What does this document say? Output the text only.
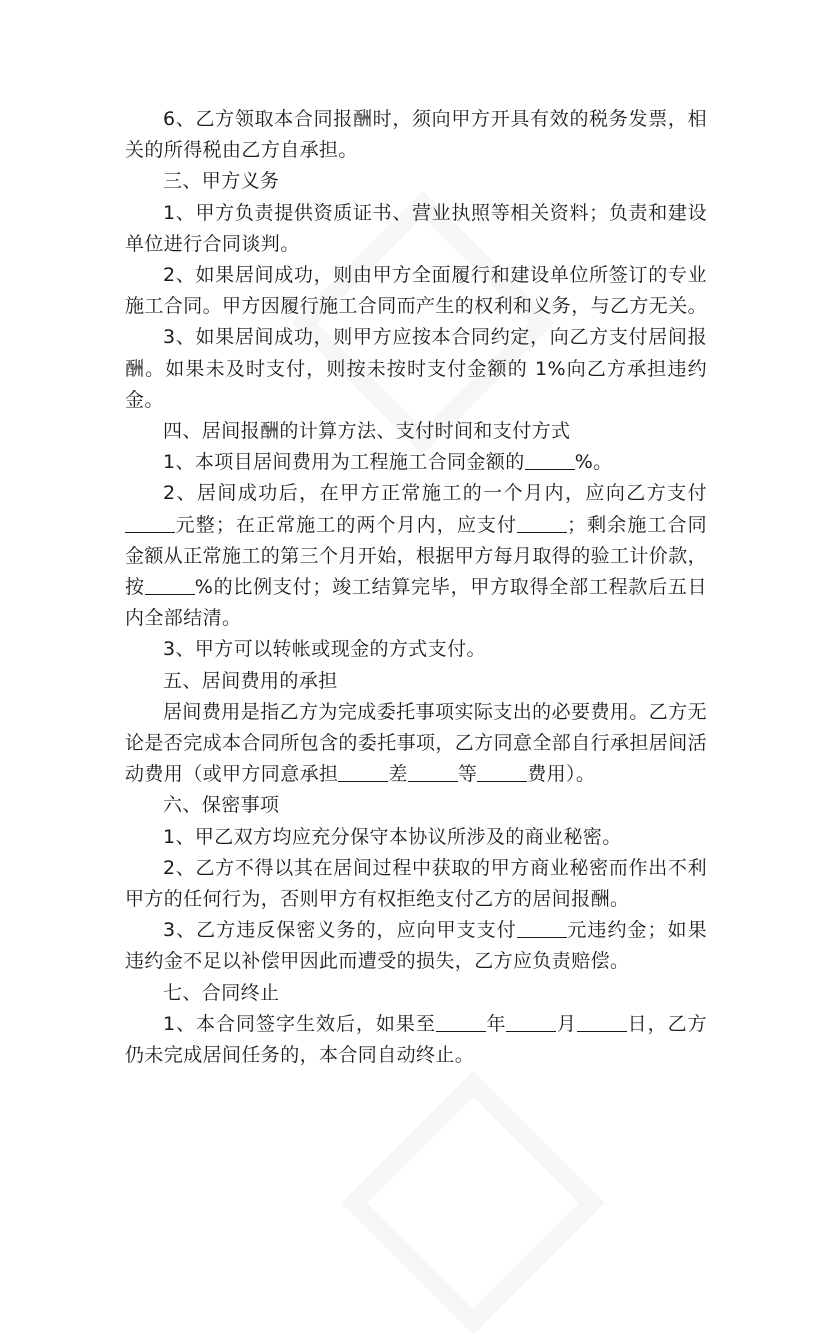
6、乙方领取本合同报酬时，须向甲方开具有效的税务发票，相关的所得税由乙方自承担。

三、甲方义务

1、甲方负责提供资质证书、营业执照等相关资料；负责和建设单位进行合同谈判。

2、如果居间成功，则由甲方全面履行和建设单位所签订的专业施工合同。甲方因履行施工合同而产生的权利和义务，与乙方无关。

3、如果居间成功，则甲方应按本合同约定，向乙方支付居间报酬。如果未及时支付，则按未按时支付金额的 1%向乙方承担违约金。

四、居间报酬的计算方法、支付时间和支付方式

1、本项目居间费用为工程施工合同金额的	%。

2、居间成功后，在甲方正常施工的一个月内，应向乙方支付元整；在正常施工的两个月内，应支付	；剩余施工合同金额从正常施工的第三个月开始，根据甲方每月取得的验工计价款，按	%的比例支付；竣工结算完毕，甲方取得全部工程款后五日内全部结清。

3、甲方可以转帐或现金的方式支付。

五、居间费用的承担

居间费用是指乙方为完成委托事项实际支出的必要费用。乙方无论是否完成本合同所包含的委托事项，乙方同意全部自行承担居间活动费用（或甲方同意承担	差	等	费用）。

六、保密事项

1、甲乙双方均应充分保守本协议所涉及的商业秘密。

2、乙方不得以其在居间过程中获取的甲方商业秘密而作出不利甲方的任何行为，否则甲方有权拒绝支付乙方的居间报酬。

3、乙方违反保密义务的，应向甲支支付	元违约金；如果违约金不足以补偿甲因此而遭受的损失，乙方应负责赔偿。

七、合同终止

1、本合同签字生效后，如果至	年	月	日，乙方仍未完成居间任务的，本合同自动终止。
